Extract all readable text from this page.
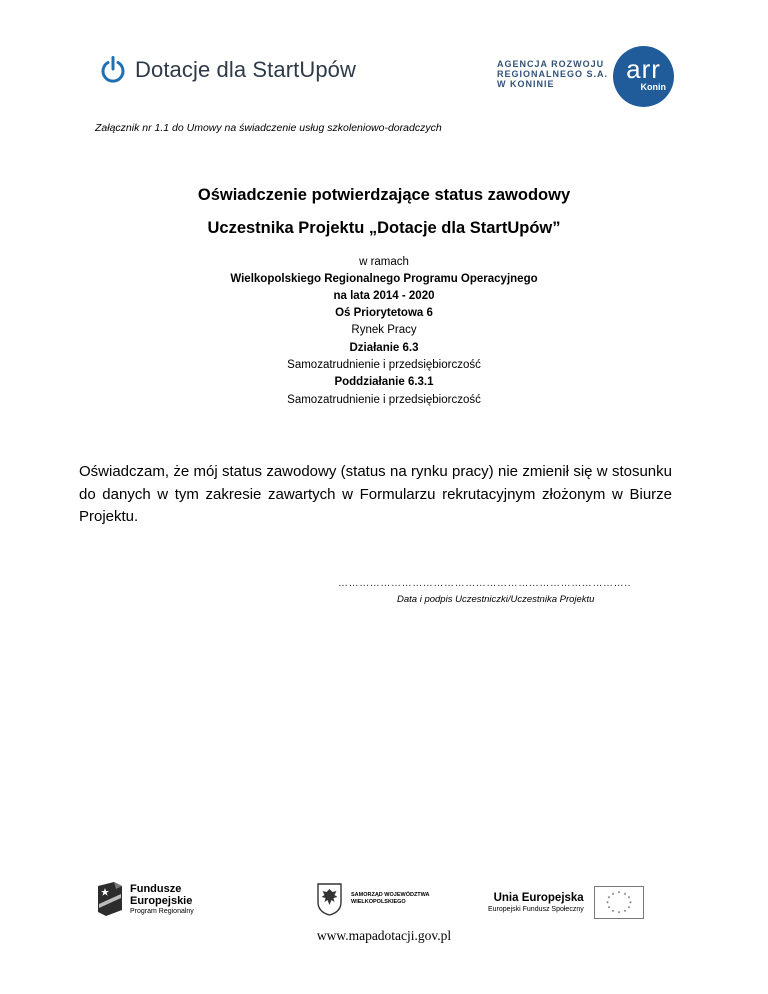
Dotacje dla StartUpów	AGENCJA ROZWOJU
REGIONALNEGO S.A.
W KONINIE	arr
Konin
Załącznik nr 1.1 do Umowy na świadczenie usług szkoleniowo-doradczych
Oświadczenie potwierdzające status zawodowy
Uczestnika Projektu „Dotacje dla StartUpów”
w ramach
Wielkopolskiego Regionalnego Programu Operacyjnego
na lata 2014 - 2020
Oś Priorytetowa 6
Rynek Pracy
Działanie 6.3
Samozatrudnienie i przedsiębiorczość
Poddziałanie 6.3.1
Samozatrudnienie i przedsiębiorczość
Oświadczam, że mój status zawodowy (status na rynku pracy) nie zmienił się w stosunku do danych w tym zakresie zawartych w Formularzu rekrutacyjnym złożonym w Biurze Projektu.
………………………………………………………………………..
Data i podpis Uczestniczki/Uczestnika Projektu
Fundusze
Europejskie
Program Regionalny
SAMORZĄD WOJEWÓDZTWA
WIELKOPOLSKIEGO	Unia Europejska
Europejski Fundusz Społeczny
* *
*
*
*
*
*
*
*
*
*
*
www.mapadotacji.gov.pl
